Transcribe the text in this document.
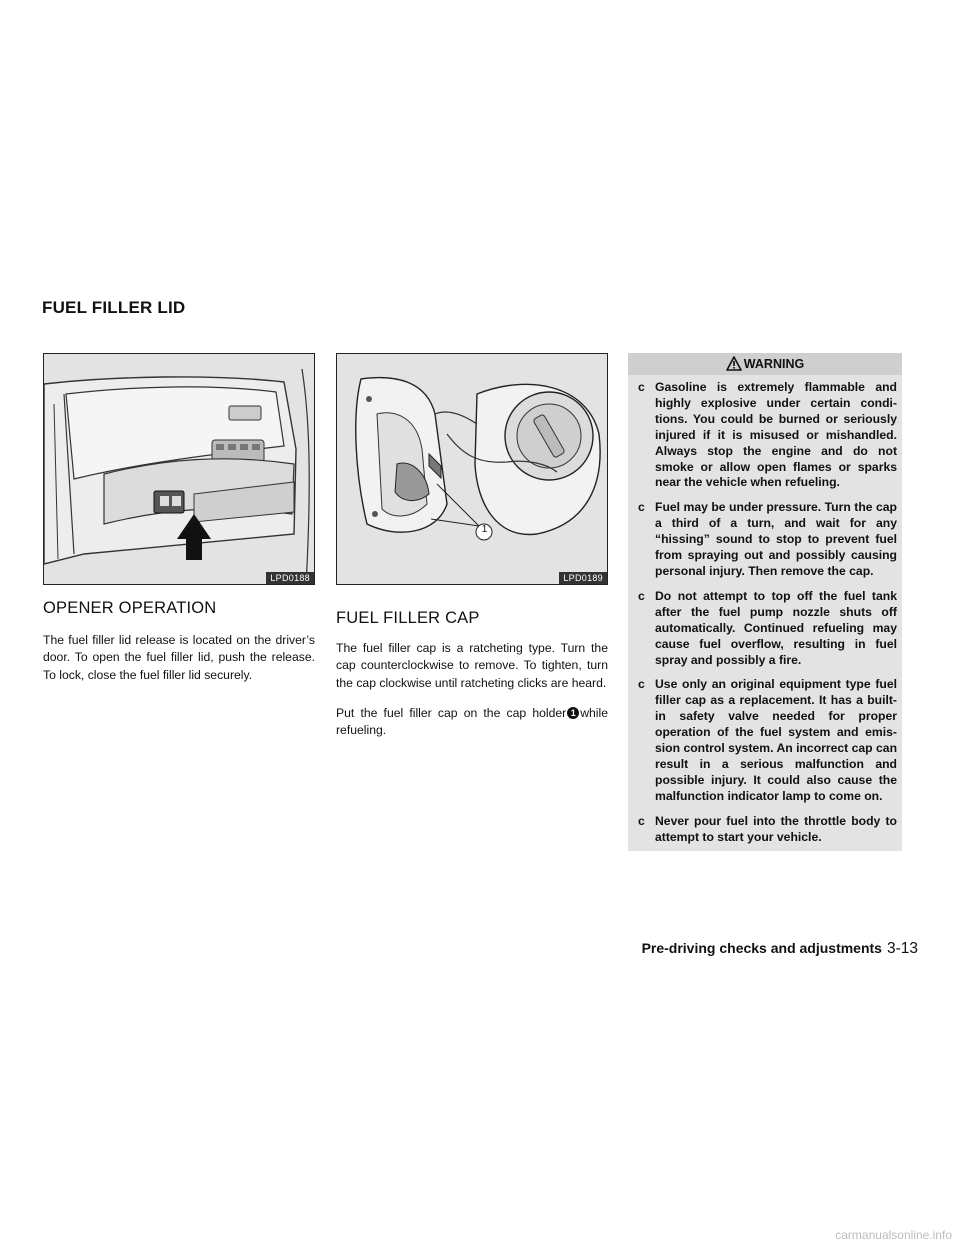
FUEL FILLER LID
LPD0188
1
LPD0189
OPENER OPERATION

The fuel filler lid release is located on the driver’s door. To open the fuel filler lid, push the release. To lock, close the fuel filler lid securely.

FUEL FILLER CAP

The fuel filler cap is a ratcheting type. Turn the cap counterclockwise to remove. To tighten, turn the cap clockwise until ratcheting clicks are heard.

Put the fuel filler cap on the cap holder 1 while refueling.

WARNING
c Gasoline is extremely flammable and highly explosive under certain condi- tions. You could be burned or seriously injured if it is misused or mishandled. Always stop the engine and do not smoke or allow open flames or sparks near the vehicle when refueling.
c Fuel may be under pressure. Turn the cap a third of a turn, and wait for any “hissing” sound to stop to prevent fuel from spraying out and possibly causing personal injury. Then remove the cap.
c Do not attempt to top off the fuel tank after the fuel pump nozzle shuts off automatically. Continued refueling may cause fuel overflow, resulting in fuel spray and possibly a fire.
c Use only an original equipment type fuel filler cap as a replacement. It has a built-in safety valve needed for proper operation of the fuel system and emis- sion control system. An incorrect cap can result in a serious malfunction and possible injury. It could also cause the malfunction indicator lamp to come on.
c Never pour fuel into the throttle body to attempt to start your vehicle.
Pre-driving checks and adjustments 3-13
carmanualsonline.info
